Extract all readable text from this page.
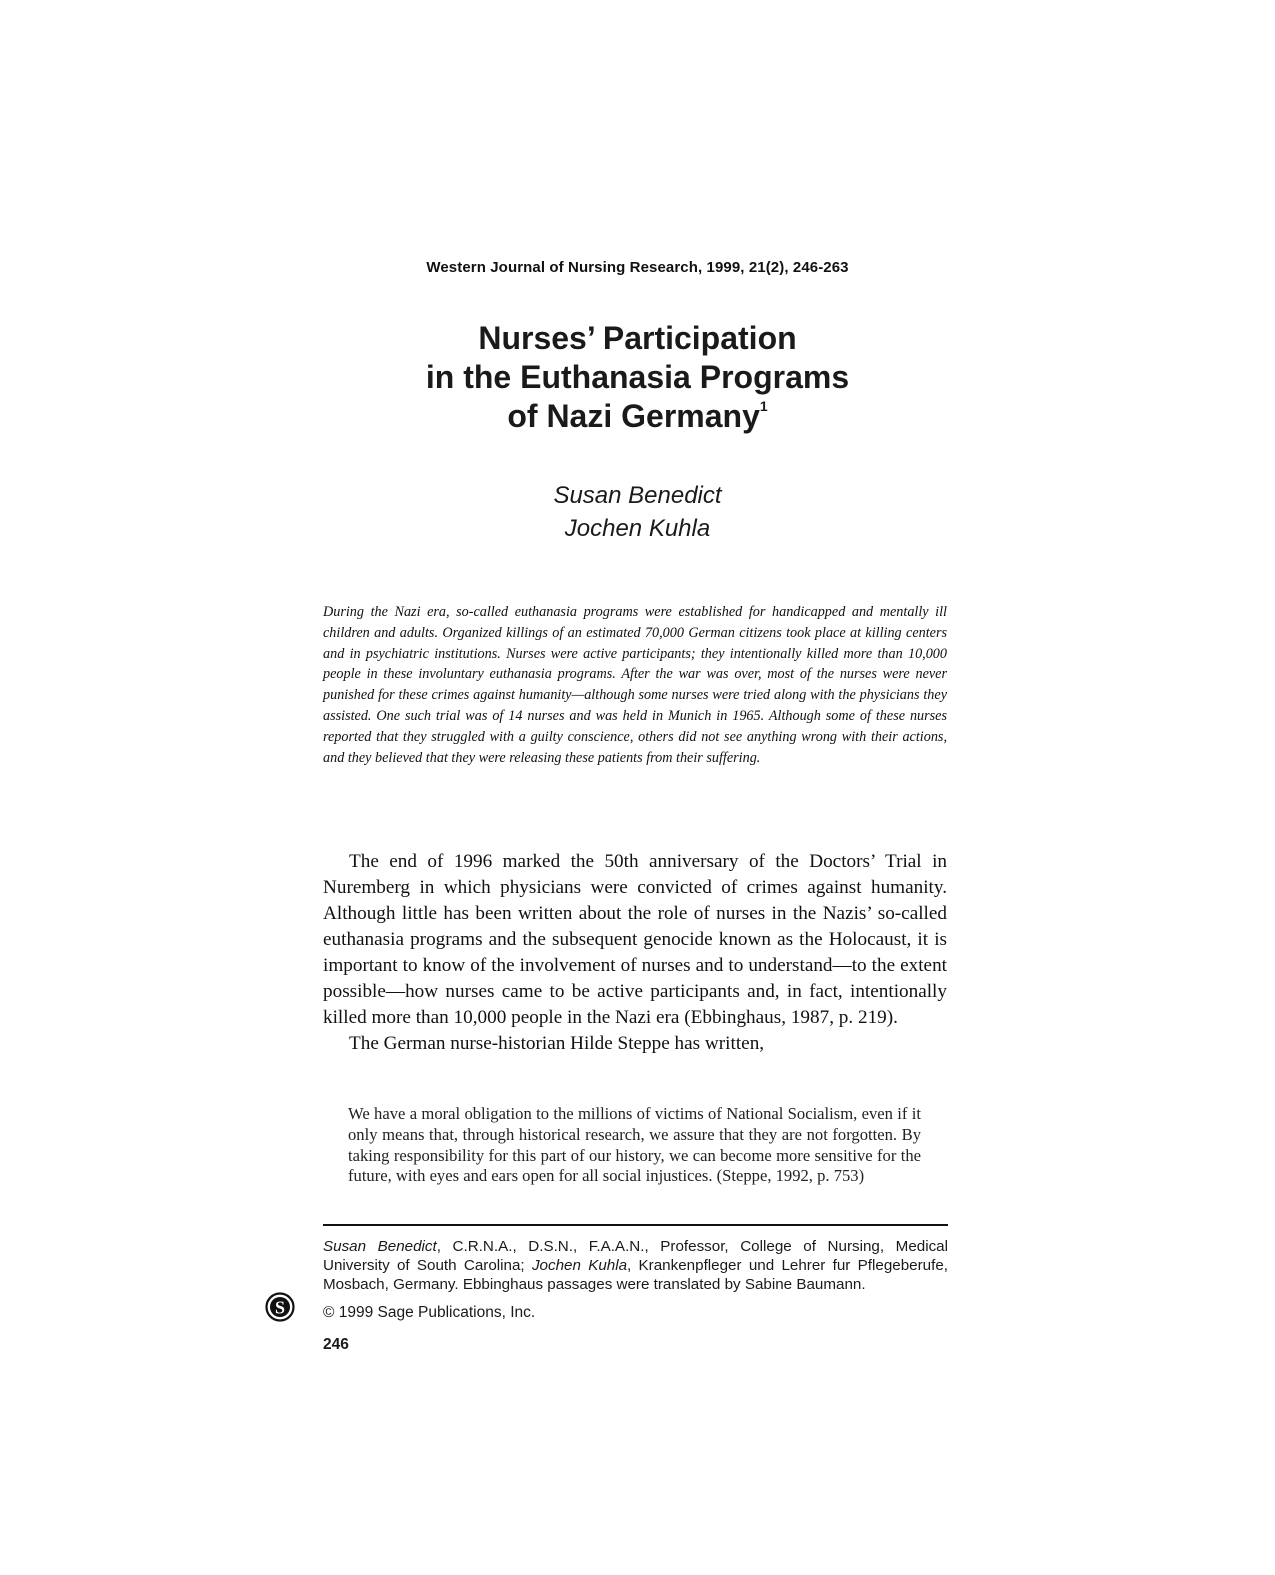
Western Journal of Nursing Research, 1999, 21(2), 246-263
Nurses’ Participation
in the Euthanasia Programs
of Nazi Germany$^1$
Susan Benedict
Jochen Kuhla

During the Nazi era, so-called euthanasia programs were established for handicapped and mentally ill children and adults. Organized killings of an estimated 70,000 German citizens took place at killing centers and in psychiatric institutions. Nurses were active participants; they intentionally killed more than 10,000 people in these involuntary euthanasia programs. After the war was over, most of the nurses were never punished for these crimes against humanity—although some nurses were tried along with the physicians they assisted. One such trial was of 14 nurses and was held in Munich in 1965. Although some of these nurses reported that they struggled with a guilty conscience, others did not see anything wrong with their actions, and they believed that they were releasing these patients from their suffering.

The end of 1996 marked the 50th anniversary of the Doctors’ Trial in Nuremberg in which physicians were convicted of crimes against humanity. Although little has been written about the role of nurses in the Nazis’ so-called euthanasia programs and the subsequent genocide known as the Holocaust, it is important to know of the involvement of nurses and to understand—to the extent possible—how nurses came to be active participants and, in fact, intentionally killed more than 10,000 people in the Nazi era (Ebbinghaus, 1987, p. 219).

The German nurse-historian Hilde Steppe has written,

We have a moral obligation to the millions of victims of National Socialism, even if it only means that, through historical research, we assure that they are not forgotten. By taking responsibility for this part of our history, we can become more sensitive for the future, with eyes and ears open for all social injustices. (Steppe, 1992, p. 753)

Susan Benedict, C.R.N.A., D.S.N., F.A.A.N., Professor, College of Nursing, Medical University of South Carolina; Jochen Kuhla, Krankenpfleger und Lehrer fur Pflegeberufe, Mosbach, Germany. Ebbinghaus passages were translated by Sabine Baumann.

S © 1999 Sage Publications, Inc.
246
